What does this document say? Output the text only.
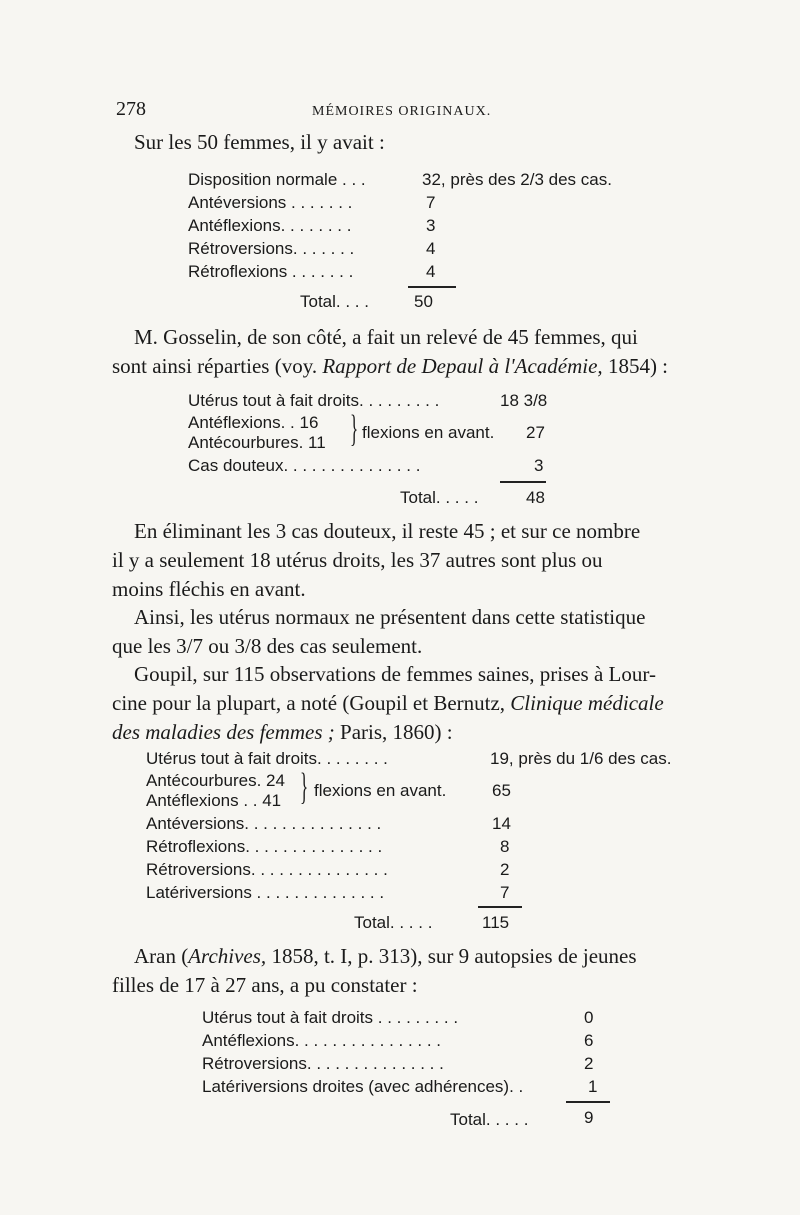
278	MÉMOIRES ORIGINAUX.
Sur les 50 femmes, il y avait :
Disposition normale . . .	32, près des 2/3 des cas.
Antéversions . . . . . . .	7
Antéflexions. . . . . . . .	3
Rétroversions. . . . . . .	4
Rétroflexions . . . . . . .	4
Total. . . .	50
M. Gosselin, de son côté, a fait un relevé de 45 femmes, qui
sont ainsi réparties (voy. Rapport de Depaul à l'Académie, 1854) :
Utérus tout à fait droits. . . . . . . . .	18 3/8
Antéflexions. . 16
Antécourbures. 11 } flexions en avant. 27
Cas douteux. . . . . . . . . . . . . . .	3
Total. . . . .	48
En éliminant les 3 cas douteux, il reste 45 ; et sur ce nombre
il y a seulement 18 utérus droits, les 37 autres sont plus ou
moins fléchis en avant.
Ainsi, les utérus normaux ne présentent dans cette statistique
que les 3/7 ou 3/8 des cas seulement.
Goupil, sur 115 observations de femmes saines, prises à Lour-
cine pour la plupart, a noté (Goupil et Bernutz, Clinique médicale
des maladies des femmes ; Paris, 1860) :
Utérus tout à fait droits. . . . . . . .	19, près du 1/6 des cas.
Antécourbures. 24
Antéflexions . . 41 } flexions en avant.	65
Antéversions. . . . . . . . . . . . . . .	14
Rétroflexions. . . . . . . . . . . . . . .	8
Rétroversions. . . . . . . . . . . . . . .	2
Latériversions . . . . . . . . . . . . . .	7
Total. . . . .	115
Aran (Archives, 1858, t. I, p. 313), sur 9 autopsies de jeunes
filles de 17 à 27 ans, a pu constater :
Utérus tout à fait droits . . . . . . . . .	0
Antéflexions. . . . . . . . . . . . . . . .	6
Rétroversions. . . . . . . . . . . . . . .	2
Latériversions droites (avec adhérences). .	1
Total. . . . .	9
